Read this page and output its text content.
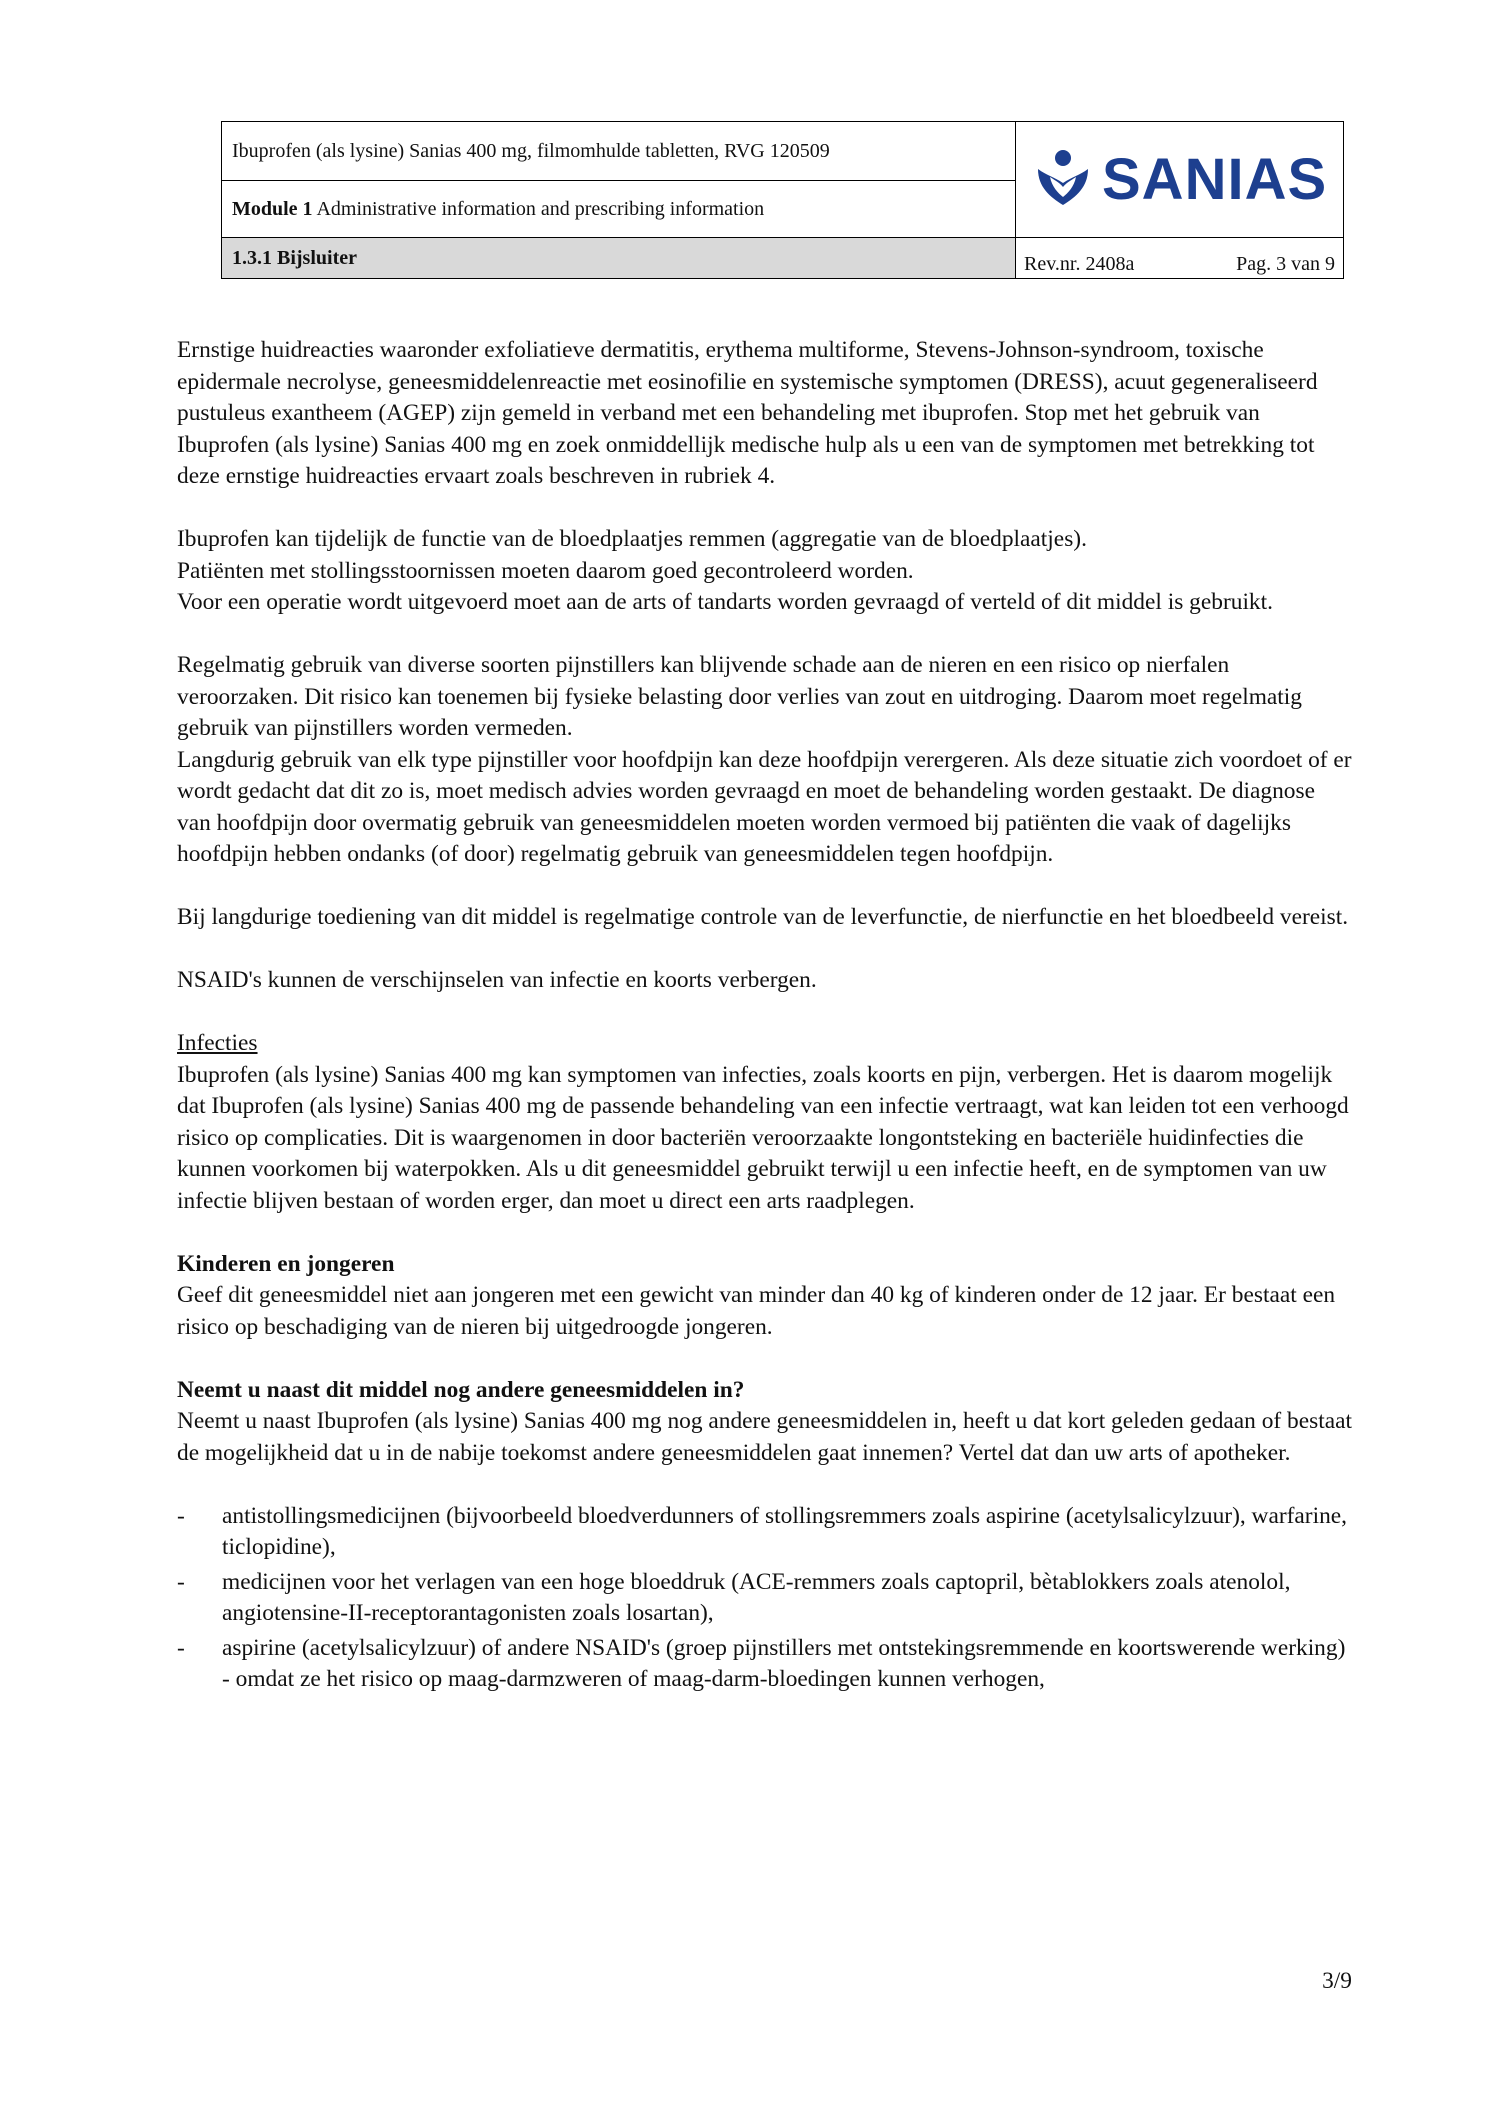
Ibuprofen (als lysine) Sanias 400 mg, filmomhulde tabletten, RVG 120509	SANIAS

Module 1 Administrative information and prescribing information	
1.3.1 Bijsluiter	Rev.nr. 2408a Pag. 3 van 9

Ernstige huidreacties waaronder exfoliatieve dermatitis, erythema multiforme, Stevens-Johnson-syndroom, toxische epidermale necrolyse, geneesmiddelenreactie met eosinofilie en systemische symptomen (DRESS), acuut gegeneraliseerd pustuleus exantheem (AGEP) zijn gemeld in verband met een behandeling met ibuprofen. Stop met het gebruik van Ibuprofen (als lysine) Sanias 400 mg en zoek onmiddellijk medische hulp als u een van de symptomen met betrekking tot deze ernstige huidreacties ervaart zoals beschreven in rubriek 4.

Ibuprofen kan tijdelijk de functie van de bloedplaatjes remmen (aggregatie van de bloedplaatjes).

Patiënten met stollingsstoornissen moeten daarom goed gecontroleerd worden.

Voor een operatie wordt uitgevoerd moet aan de arts of tandarts worden gevraagd of verteld of dit middel is gebruikt.

Regelmatig gebruik van diverse soorten pijnstillers kan blijvende schade aan de nieren en een risico op nierfalen veroorzaken. Dit risico kan toenemen bij fysieke belasting door verlies van zout en uitdroging. Daarom moet regelmatig gebruik van pijnstillers worden vermeden.

Langdurig gebruik van elk type pijnstiller voor hoofdpijn kan deze hoofdpijn verergeren. Als deze situatie zich voordoet of er wordt gedacht dat dit zo is, moet medisch advies worden gevraagd en moet de behandeling worden gestaakt. De diagnose van hoofdpijn door overmatig gebruik van geneesmiddelen moeten worden vermoed bij patiënten die vaak of dagelijks hoofdpijn hebben ondanks (of door) regelmatig gebruik van geneesmiddelen tegen hoofdpijn.

Bij langdurige toediening van dit middel is regelmatige controle van de leverfunctie, de nierfunctie en het bloedbeeld vereist.

NSAID's kunnen de verschijnselen van infectie en koorts verbergen.

Infecties

Ibuprofen (als lysine) Sanias 400 mg kan symptomen van infecties, zoals koorts en pijn, verbergen. Het is daarom mogelijk dat Ibuprofen (als lysine) Sanias 400 mg de passende behandeling van een infectie vertraagt, wat kan leiden tot een verhoogd risico op complicaties. Dit is waargenomen in door bacteriën veroorzaakte longontsteking en bacteriële huidinfecties die kunnen voorkomen bij waterpokken. Als u dit geneesmiddel gebruikt terwijl u een infectie heeft, en de symptomen van uw infectie blijven bestaan of worden erger, dan moet u direct een arts raadplegen.

Kinderen en jongeren

Geef dit geneesmiddel niet aan jongeren met een gewicht van minder dan 40 kg of kinderen onder de 12 jaar. Er bestaat een risico op beschadiging van de nieren bij uitgedroogde jongeren.

Neemt u naast dit middel nog andere geneesmiddelen in?

Neemt u naast Ibuprofen (als lysine) Sanias 400 mg nog andere geneesmiddelen in, heeft u dat kort geleden gedaan of bestaat de mogelijkheid dat u in de nabije toekomst andere geneesmiddelen gaat innemen? Vertel dat dan uw arts of apotheker.

- antistollingsmedicijnen (bijvoorbeeld bloedverdunners of stollingsremmers zoals aspirine (acetylsalicylzuur), warfarine, ticlopidine),
- medicijnen voor het verlagen van een hoge bloeddruk (ACE-remmers zoals captopril, bètablokkers zoals atenolol, angiotensine-II-receptorantagonisten zoals losartan),
- aspirine (acetylsalicylzuur) of andere NSAID's (groep pijnstillers met ontstekingsremmende en koortswerende werking) - omdat ze het risico op maag-darmzweren of maag-darm-bloedingen kunnen verhogen,
3/9
